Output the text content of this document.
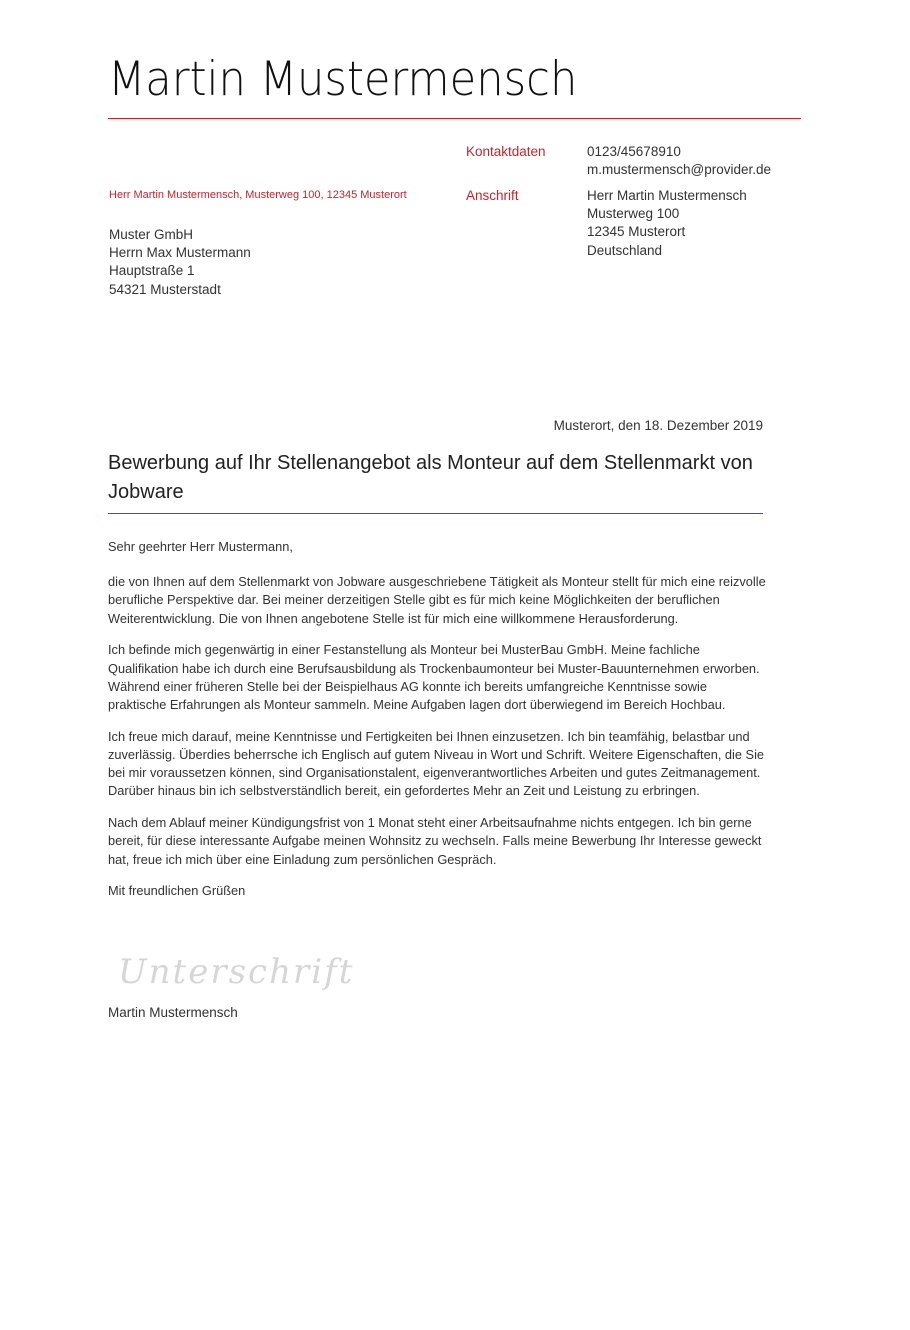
Martin Mustermensch
Herr Martin Mustermensch, Musterweg 100, 12345 Musterort
Muster GmbH
Herrn Max Mustermann
Hauptstraße 1
54321 Musterstadt
Kontaktdaten	0123/45678910
m.mustermensch@provider.de
Anschrift	Herr Martin Mustermensch
Musterweg 100
12345 Musterort
Deutschland
Musterort, den 18. Dezember 2019
Bewerbung auf Ihr Stellenangebot als Monteur auf dem Stellenmarkt von Jobware

Sehr geehrter Herr Mustermann,

die von Ihnen auf dem Stellenmarkt von Jobware ausgeschriebene Tätigkeit als Monteur stellt für mich eine reizvolle berufliche Perspektive dar. Bei meiner derzeitigen Stelle gibt es für mich keine Möglichkeiten der beruflichen Weiterentwicklung. Die von Ihnen angebotene Stelle ist für mich eine willkommene Herausforderung.

Ich befinde mich gegenwärtig in einer Festanstellung als Monteur bei MusterBau GmbH. Meine fachliche Qualifikation habe ich durch eine Berufsausbildung als Trockenbaumonteur bei Muster-Bauunternehmen erworben. Während einer früheren Stelle bei der Beispielhaus AG konnte ich bereits umfangreiche Kenntnisse sowie praktische Erfahrungen als Monteur sammeln. Meine Aufgaben lagen dort überwiegend im Bereich Hochbau.

Ich freue mich darauf, meine Kenntnisse und Fertigkeiten bei Ihnen einzusetzen. Ich bin teamfähig, belastbar und zuverlässig. Überdies beherrsche ich Englisch auf gutem Niveau in Wort und Schrift. Weitere Eigenschaften, die Sie bei mir voraussetzen können, sind Organisationstalent, eigenverantwortliches Arbeiten und gutes Zeitmanagement. Darüber hinaus bin ich selbstverständlich bereit, ein gefordertes Mehr an Zeit und Leistung zu erbringen.

Nach dem Ablauf meiner Kündigungsfrist von 1 Monat steht einer Arbeitsaufnahme nichts entgegen. Ich bin gerne bereit, für diese interessante Aufgabe meinen Wohnsitz zu wechseln. Falls meine Bewerbung Ihr Interesse geweckt hat, freue ich mich über eine Einladung zum persönlichen Gespräch.

Mit freundlichen Grüßen

Unterschrift
Martin Mustermensch
